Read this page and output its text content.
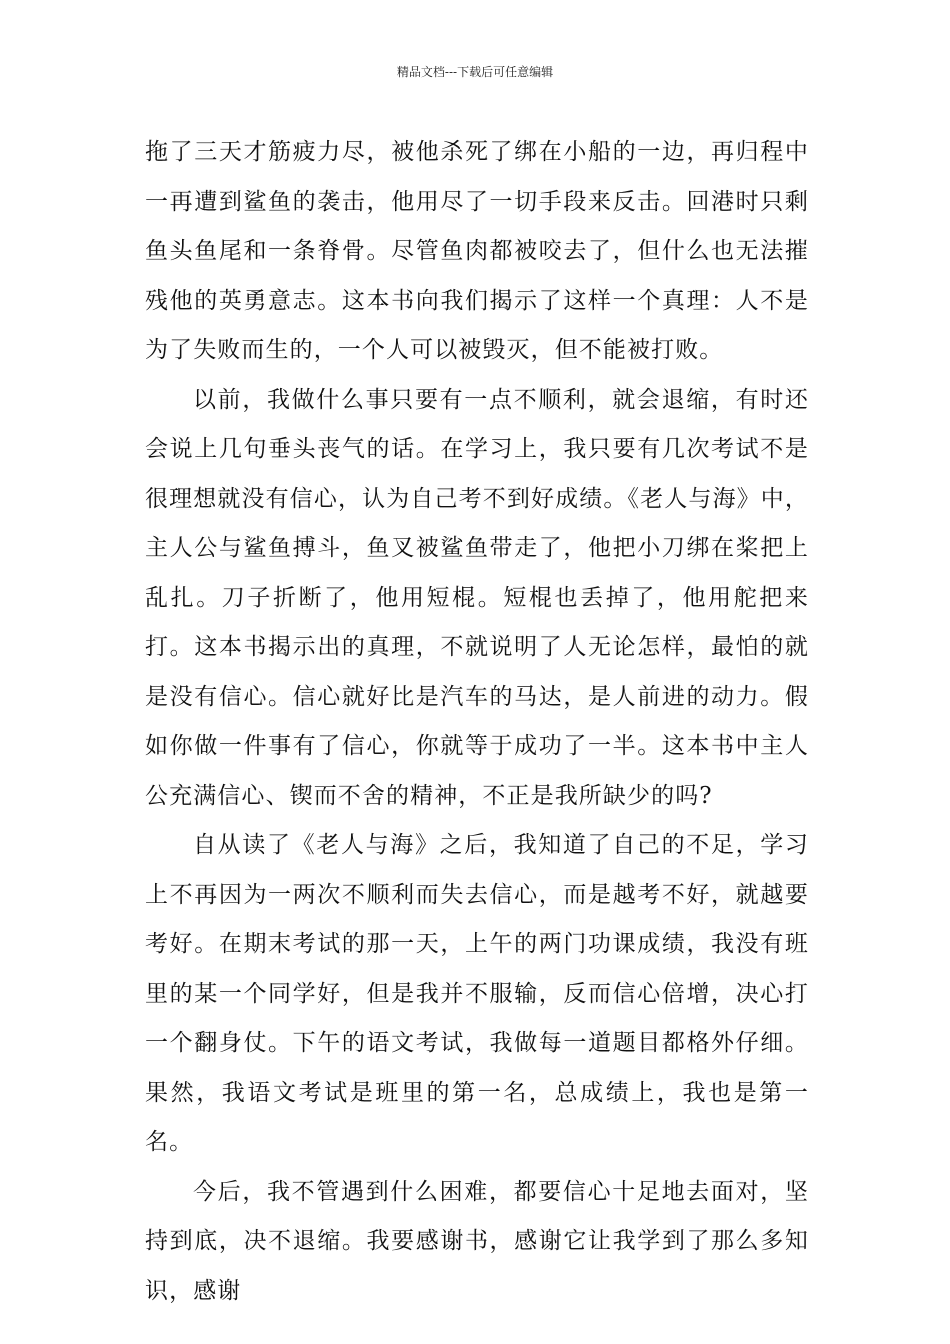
精品文档---下载后可任意编辑

拖了三天才筋疲力尽，被他杀死了绑在小船的一边，再归程中一再遭到鲨鱼的袭击，他用尽了一切手段来反击。回港时只剩鱼头鱼尾和一条脊骨。尽管鱼肉都被咬去了，但什么也无法摧残他的英勇意志。这本书向我们揭示了这样一个真理：人不是为了失败而生的，一个人可以被毁灭，但不能被打败。

以前，我做什么事只要有一点不顺利，就会退缩，有时还会说上几句垂头丧气的话。在学习上，我只要有几次考试不是很理想就没有信心，认为自己考不到好成绩。《老人与海》中，主人公与鲨鱼搏斗，鱼叉被鲨鱼带走了，他把小刀绑在桨把上乱扎。刀子折断了，他用短棍。短棍也丢掉了，他用舵把来打。这本书揭示出的真理，不就说明了人无论怎样，最怕的就是没有信心。信心就好比是汽车的马达，是人前进的动力。假如你做一件事有了信心，你就等于成功了一半。这本书中主人公充满信心、锲而不舍的精神，不正是我所缺少的吗?

自从读了《老人与海》之后，我知道了自己的不足，学习上不再因为一两次不顺利而失去信心，而是越考不好，就越要考好。在期末考试的那一天，上午的两门功课成绩，我没有班里的某一个同学好，但是我并不服输，反而信心倍增，决心打一个翻身仗。下午的语文考试，我做每一道题目都格外仔细。果然，我语文考试是班里的第一名，总成绩上，我也是第一名。

今后，我不管遇到什么困难，都要信心十足地去面对，坚持到底，决不退缩。我要感谢书，感谢它让我学到了那么多知识，感谢
